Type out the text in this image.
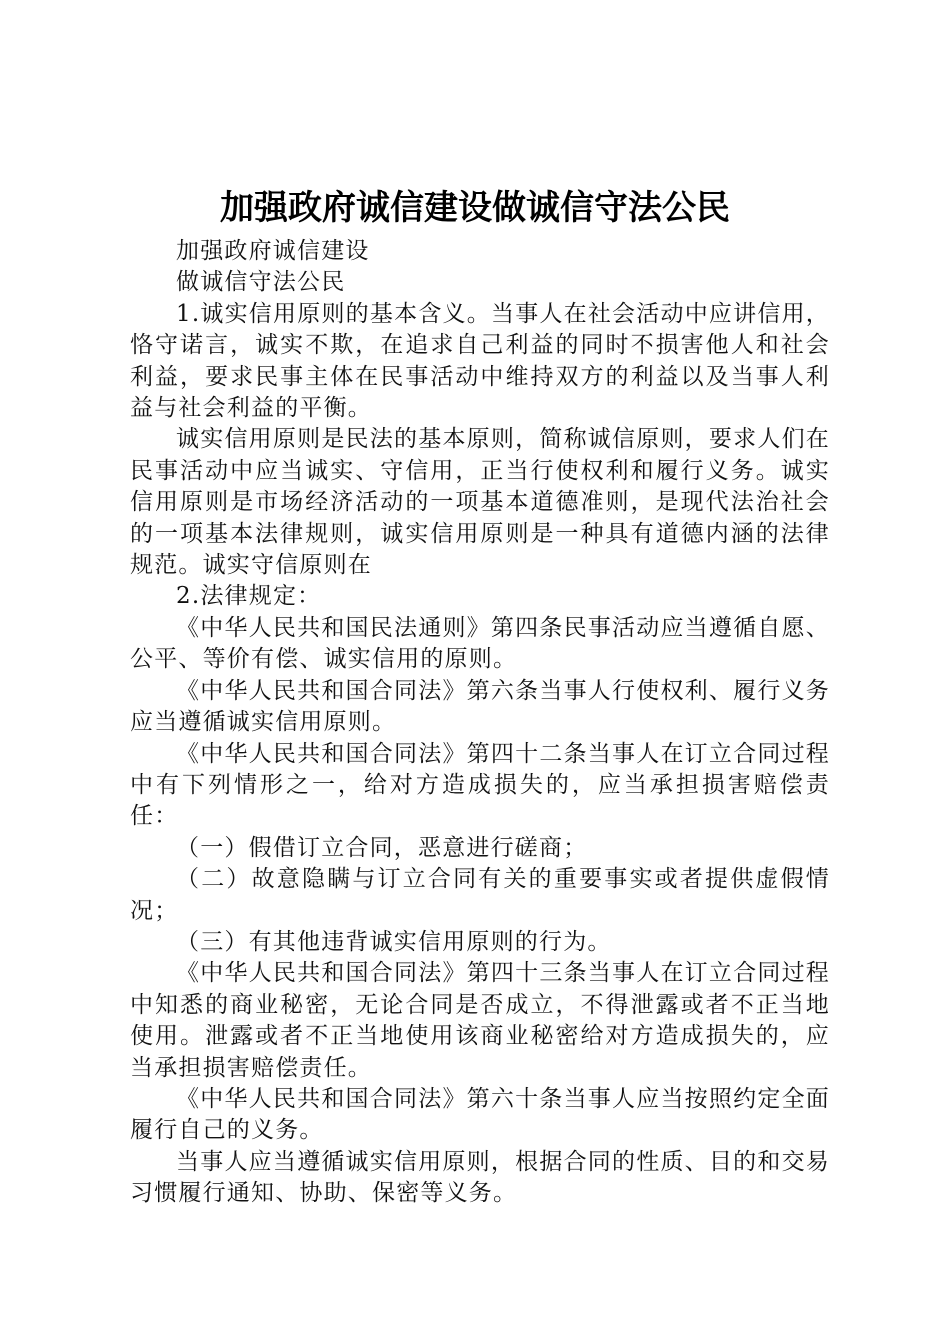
加强政府诚信建设做诚信守法公民

加强政府诚信建设

做诚信守法公民

1.诚实信用原则的基本含义。当事人在社会活动中应讲信用，恪守诺言，诚实不欺，在追求自己利益的同时不损害他人和社会利益，要求民事主体在民事活动中维持双方的利益以及当事人利益与社会利益的平衡。

诚实信用原则是民法的基本原则，简称诚信原则，要求人们在民事活动中应当诚实、守信用，正当行使权利和履行义务。诚实信用原则是市场经济活动的一项基本道德准则，是现代法治社会的一项基本法律规则，诚实信用原则是一种具有道德内涵的法律规范。诚实守信原则在

2.法律规定：

《中华人民共和国民法通则》第四条民事活动应当遵循自愿、公平、等价有偿、诚实信用的原则。

《中华人民共和国合同法》第六条当事人行使权利、履行义务应当遵循诚实信用原则。

《中华人民共和国合同法》第四十二条当事人在订立合同过程中有下列情形之一，给对方造成损失的，应当承担损害赔偿责任：

（一）假借订立合同，恶意进行磋商；

（二）故意隐瞒与订立合同有关的重要事实或者提供虚假情况；

（三）有其他违背诚实信用原则的行为。

《中华人民共和国合同法》第四十三条当事人在订立合同过程中知悉的商业秘密，无论合同是否成立，不得泄露或者不正当地使用。泄露或者不正当地使用该商业秘密给对方造成损失的，应当承担损害赔偿责任。

《中华人民共和国合同法》第六十条当事人应当按照约定全面履行自己的义务。

当事人应当遵循诚实信用原则，根据合同的性质、目的和交易习惯履行通知、协助、保密等义务。
